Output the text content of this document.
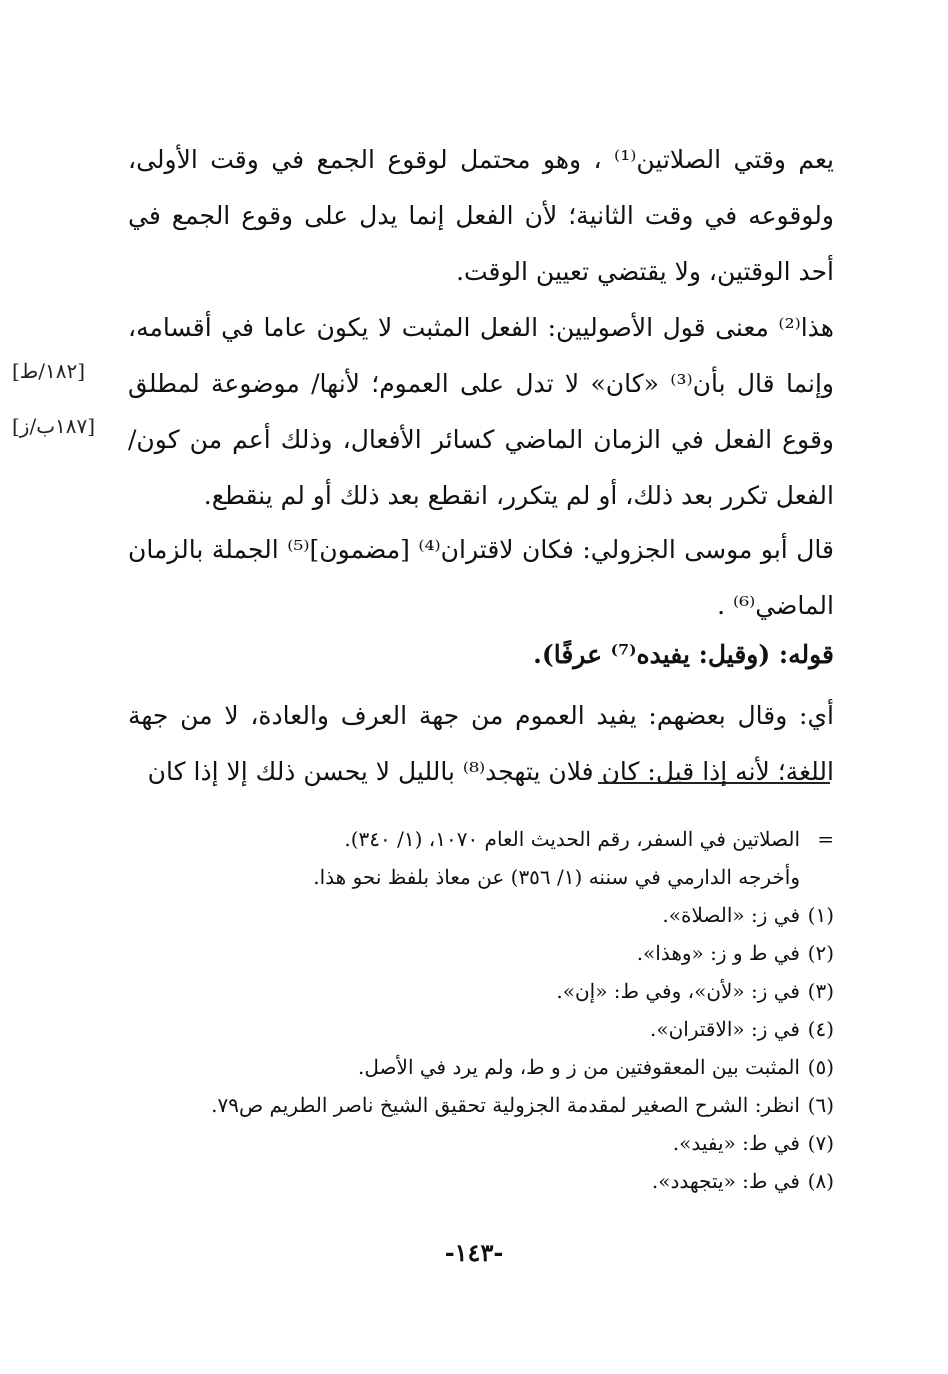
يعم وقتي الصلاتين⁽¹⁾ ، وهو محتمل لوقوع الجمع في وقت الأولى، ولوقوعه في وقت الثانية؛ لأن الفعل إنما يدل على وقوع الجمع في أحد الوقتين، ولا يقتضي تعيين الوقت.
هذا⁽²⁾ معنى قول الأصوليين: الفعل المثبت لا يكون عاما في أقسامه، وإنما قال بأن⁽³⁾ «كان» لا تدل على العموم؛ لأنها/ موضوعة لمطلق وقوع الفعل في الزمان الماضي كسائر الأفعال، وذلك أعم من كون/ الفعل تكرر بعد ذلك، أو لم يتكرر، انقطع بعد ذلك أو لم ينقطع.
قال أبو موسى الجزولي: فكان لاقتران⁽⁴⁾ [مضمون]⁽⁵⁾ الجملة بالزمان الماضي⁽⁶⁾ .
قوله: (وقيل: يفيده⁽⁷⁾ عرفًا).
أي: وقال بعضهم: يفيد العموم من جهة العرف والعادة، لا من جهة اللغة؛ لأنه إذا قيل: كان فلان يتهجد⁽⁸⁾ بالليل لا يحسن ذلك إلا إذا كان
[١٨٢/ط]
[١٨٧ب/ز]
=الصلاتين في السفر، رقم الحديث العام ١٠٧٠، (١/ ٣٤٠).
وأخرجه الدارمي في سننه (١/ ٣٥٦) عن معاذ بلفظ نحو هذا.
(١)في ز: «الصلاة».
(٢)في ط و ز: «وهذا».
(٣)في ز: «لأن»، وفي ط: «إن».
(٤)في ز: «الاقتران».
(٥)المثبت بين المعقوفتين من ز و ط، ولم يرد في الأصل.
(٦)انظر: الشرح الصغير لمقدمة الجزولية تحقيق الشيخ ناصر الطريم ص٧٩.
(٧)في ط: «يفيد».
(٨)في ط: «يتجهدد».
-١٤٣-
